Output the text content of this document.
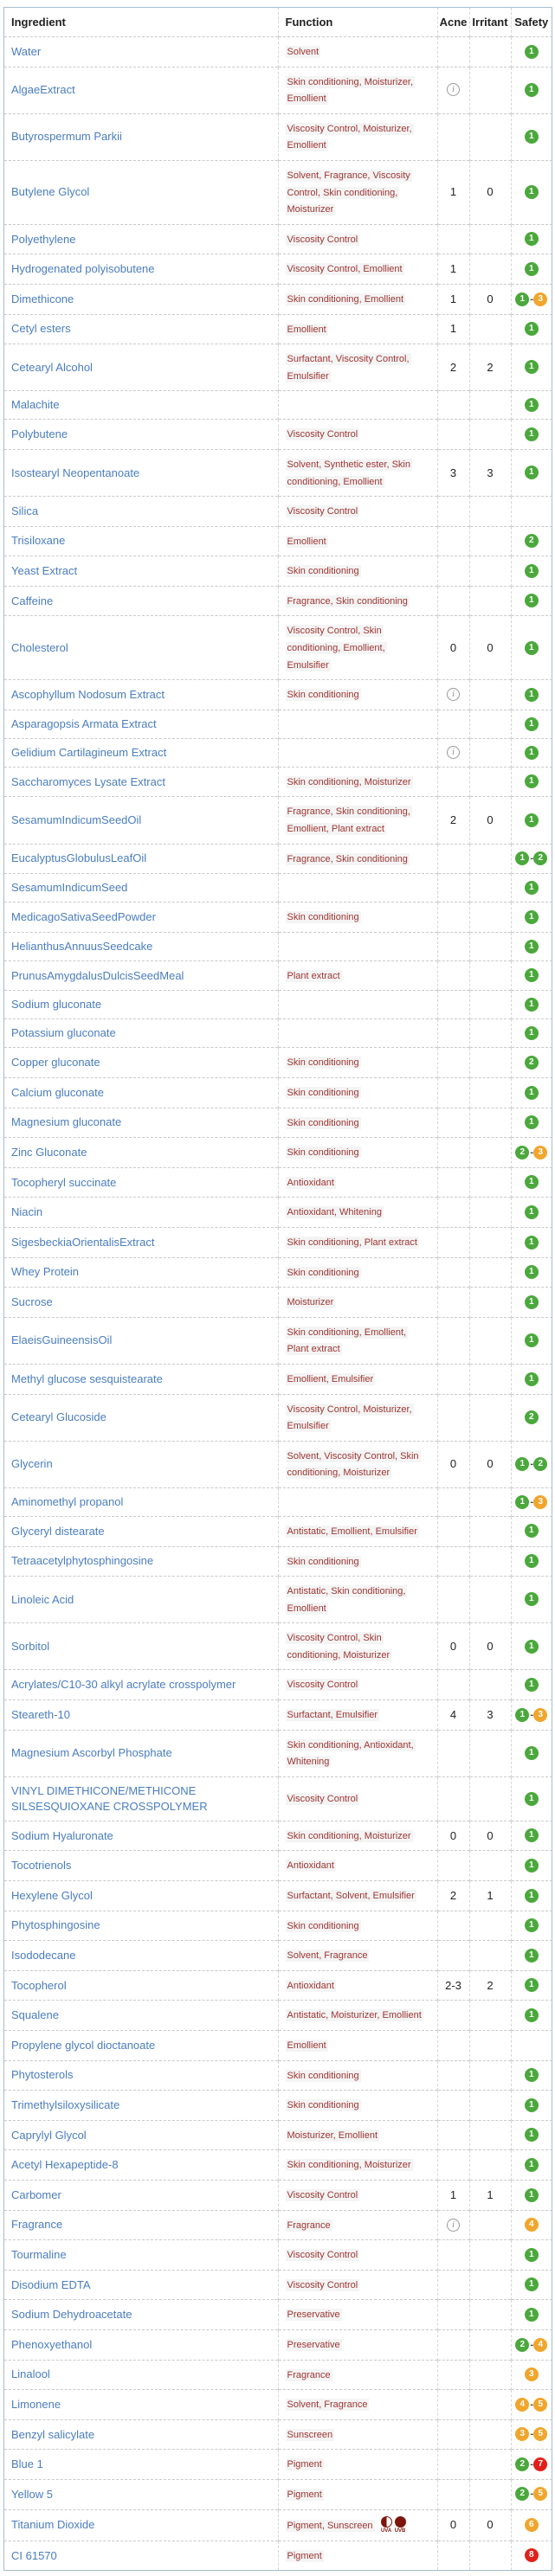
Ingredient	Function	Acne	Irritant	Safety
Water	Solvent			1
AlgaeExtract	Skin conditioning, Moisturizer, Emollient	i		1
Butyrospermum Parkii	Viscosity Control, Moisturizer, Emollient			1
Butylene Glycol	Solvent, Fragrance, Viscosity Control, Skin conditioning, Moisturizer	1	0	1
Polyethylene	Viscosity Control			1
Hydrogenated polyisobutene	Viscosity Control, Emollient	1		1
Dimethicone	Skin conditioning, Emollient	1	0	1 - 3
Cetyl esters	Emollient	1		1
Cetearyl Alcohol	Surfactant, Viscosity Control, Emulsifier	2	2	1
Malachite				1
Polybutene	Viscosity Control			1
Isostearyl Neopentanoate	Solvent, Synthetic ester, Skin conditioning, Emollient	3	3	1
Silica	Viscosity Control			
Trisiloxane	Emollient			2
Yeast Extract	Skin conditioning			1
Caffeine	Fragrance, Skin conditioning			1
Cholesterol	Viscosity Control, Skin conditioning, Emollient, Emulsifier	0	0	1
Ascophyllum Nodosum Extract	Skin conditioning	i		1
Asparagopsis Armata Extract				1
Gelidium Cartilagineum Extract		i		1
Saccharomyces Lysate Extract	Skin conditioning, Moisturizer			1
SesamumIndicumSeedOil	Fragrance, Skin conditioning, Emollient, Plant extract	2	0	1
EucalyptusGlobulusLeafOil	Fragrance, Skin conditioning			1 - 2
SesamumIndicumSeed				1
MedicagoSativaSeedPowder	Skin conditioning			1
HelianthusAnnuusSeedcake				1
PrunusAmygdalusDulcisSeedMeal	Plant extract			1
Sodium gluconate				1
Potassium gluconate				1
Copper gluconate	Skin conditioning			2
Calcium gluconate	Skin conditioning			1
Magnesium gluconate	Skin conditioning			1
Zinc Gluconate	Skin conditioning			2 - 3
Tocopheryl succinate	Antioxidant			1
Niacin	Antioxidant, Whitening			1
SigesbeckiaOrientalisExtract	Skin conditioning, Plant extract			1
Whey Protein	Skin conditioning			1
Sucrose	Moisturizer			1
ElaeisGuineensisOil	Skin conditioning, Emollient, Plant extract			1
Methyl glucose sesquistearate	Emollient, Emulsifier			1
Cetearyl Glucoside	Viscosity Control, Moisturizer, Emulsifier			2
Glycerin	Solvent, Viscosity Control, Skin conditioning, Moisturizer	0	0	1 - 2
Aminomethyl propanol				1 - 3
Glyceryl distearate	Antistatic, Emollient, Emulsifier			1
Tetraacetylphytosphingosine	Skin conditioning			1
Linoleic Acid	Antistatic, Skin conditioning, Emollient			1
Sorbitol	Viscosity Control, Skin conditioning, Moisturizer	0	0	1
Acrylates/C10-30 alkyl acrylate crosspolymer	Viscosity Control			1
Steareth-10	Surfactant, Emulsifier	4	3	1 - 3
Magnesium Ascorbyl Phosphate	Skin conditioning, Antioxidant, Whitening			1
VINYL DIMETHICONE/METHICONE SILSESQUIOXANE CROSSPOLYMER	Viscosity Control			1
Sodium Hyaluronate	Skin conditioning, Moisturizer	0	0	1
Tocotrienols	Antioxidant			1
Hexylene Glycol	Surfactant, Solvent, Emulsifier	2	1	1
Phytosphingosine	Skin conditioning			1
Isododecane	Solvent, Fragrance			1
Tocopherol	Antioxidant	2-3	2	1
Squalene	Antistatic, Moisturizer, Emollient			1
Propylene glycol dioctanoate	Emollient			
Phytosterols	Skin conditioning			1
Trimethylsiloxysilicate	Skin conditioning			1
Caprylyl Glycol	Moisturizer, Emollient			1
Acetyl Hexapeptide-8	Skin conditioning, Moisturizer			1
Carbomer	Viscosity Control	1	1	1
Fragrance	Fragrance	i		4
Tourmaline	Viscosity Control			1
Disodium EDTA	Viscosity Control			1
Sodium Dehydroacetate	Preservative			1
Phenoxyethanol	Preservative			2 - 4
Linalool	Fragrance			3
Limonene	Solvent, Fragrance			4 - 5
Benzyl salicylate	Sunscreen			3 - 5
Blue 1	Pigment			2 - 7
Yellow 5	Pigment			2 - 5
Titanium Dioxide	Pigment, Sunscreen UVA UVB	0	0	6
CI 61570	Pigment			8
